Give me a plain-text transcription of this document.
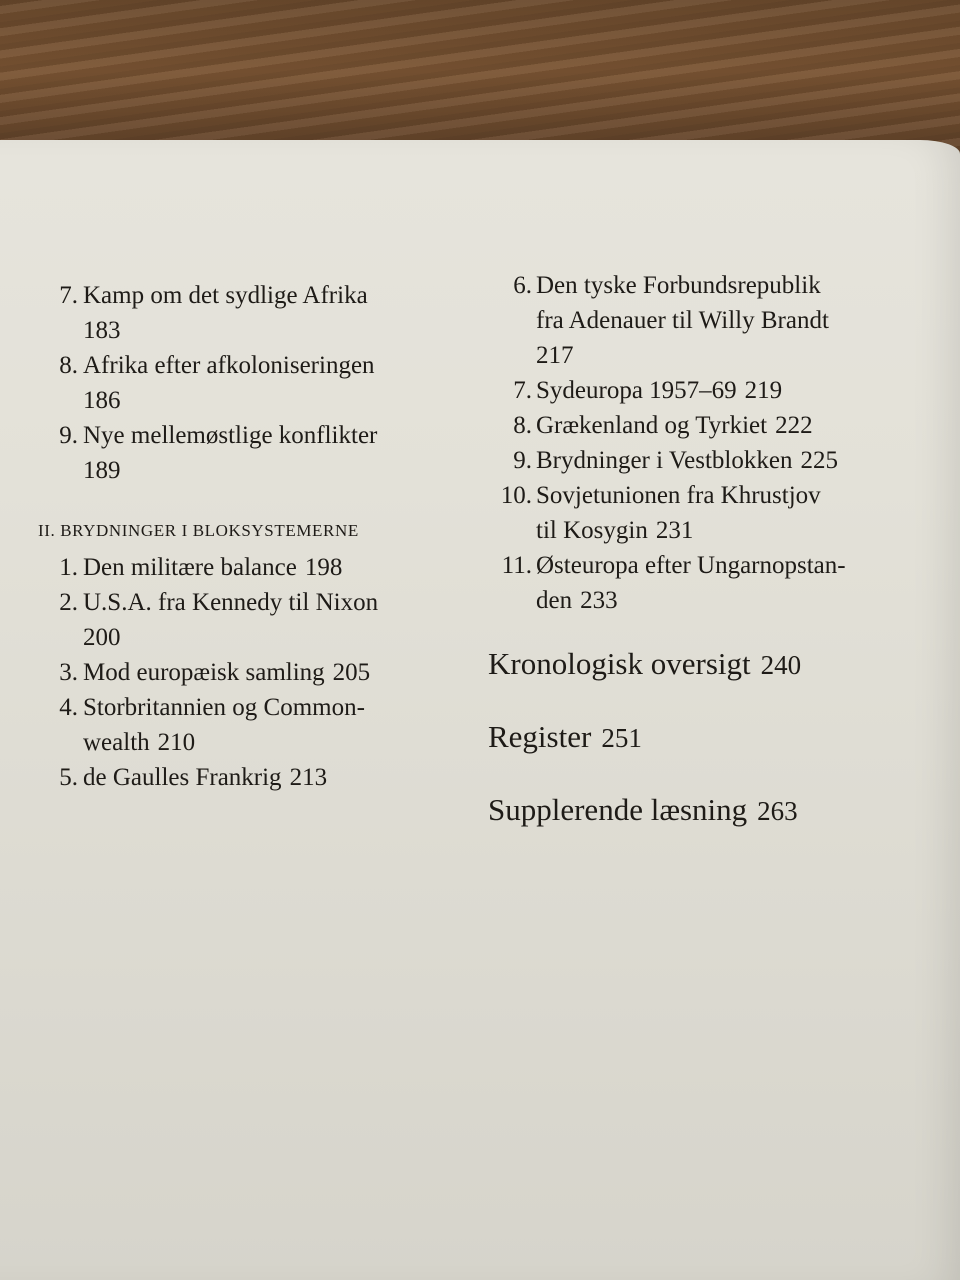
7. Kamp om det sydlige Afrika
183

8. Afrika efter afkoloniseringen
186

9. Nye mellemøstlige konflikter
189

II. BRYDNINGER I BLOKSYSTEMERNE

1. Den militære balance 198

2. U.S.A. fra Kennedy til Nixon
200

3. Mod europæisk samling 205

4. Storbritannien og Common-
wealth 210

5. de Gaulles Frankrig 213

6. Den tyske Forbundsrepublik
fra Adenauer til Willy Brandt
217

7. Sydeuropa 1957–69 219

8. Grækenland og Tyrkiet 222

9. Brydninger i Vestblokken 225

10. Sovjetunionen fra Khrustjov
til Kosygin 231

11. Østeuropa efter Ungarnopstan-
den 233

Kronologisk oversigt 240

Register 251

Supplerende læsning 263
